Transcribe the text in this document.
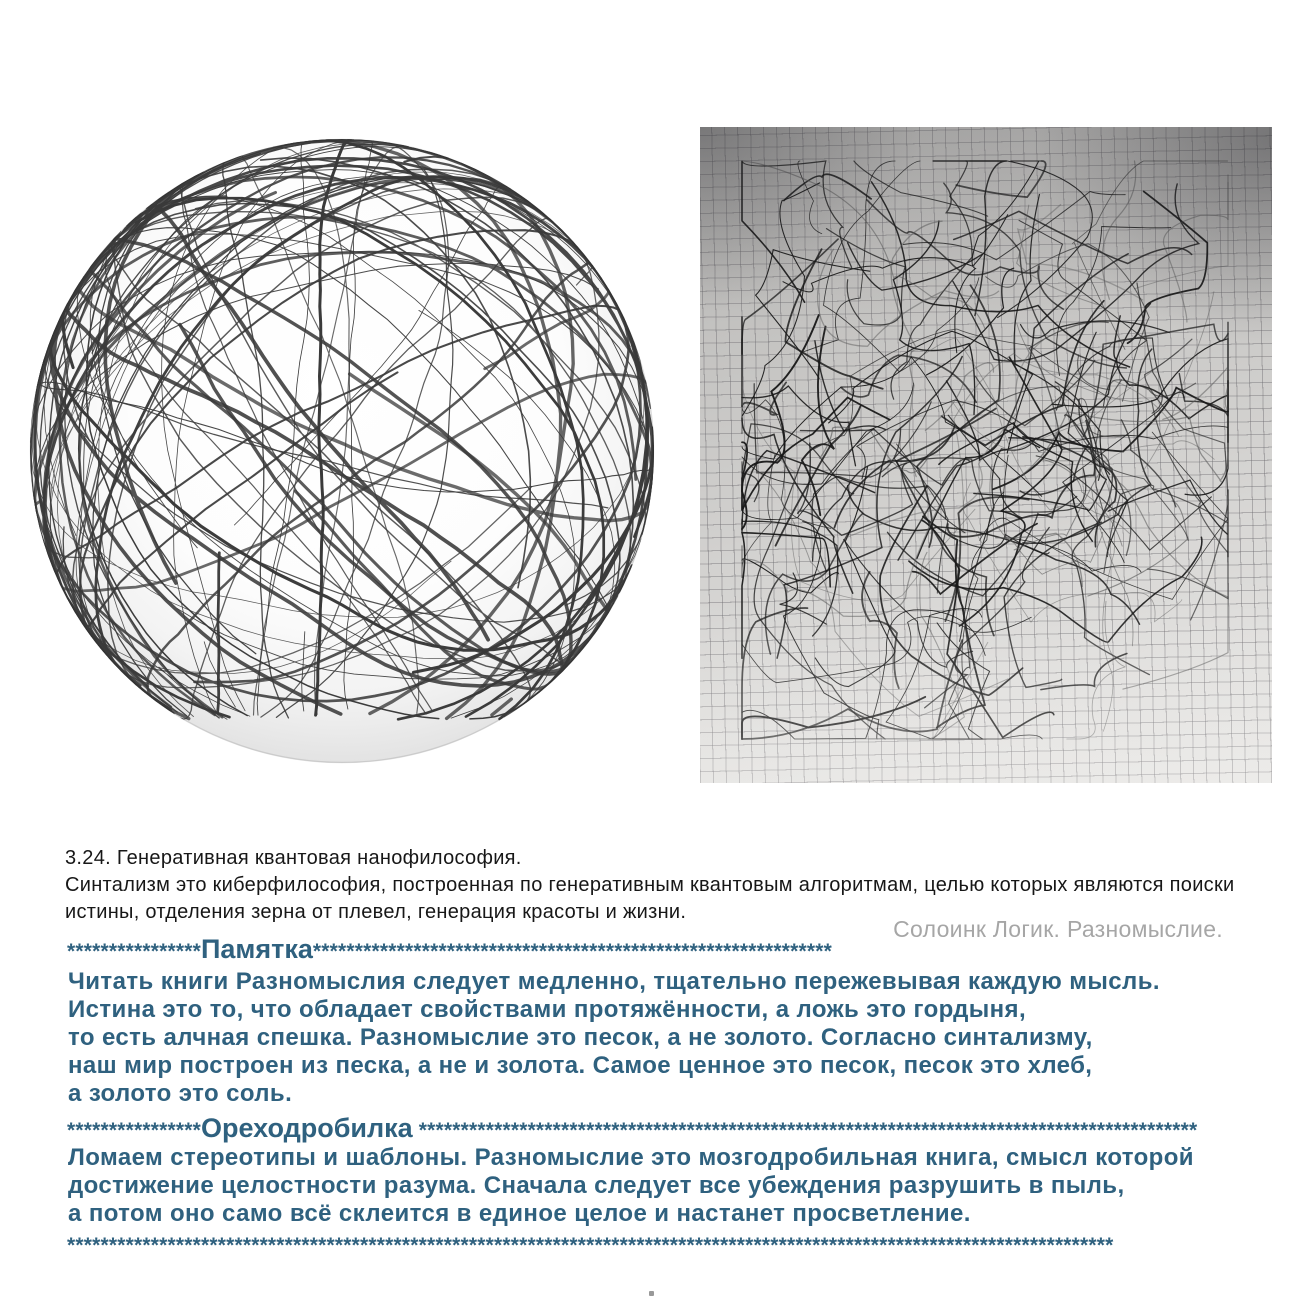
3.24. Генеративная квантовая нанофилософия.
Синтализм это киберфилософия, построенная по генеративным квантовым алгоритмам, целью которых являются поиски
истины, отделения зерна от плевел, генерация красоты и жизни.
Солоинк Логик. Разномыслие.
****************Памятка**************************************************************
Читать книги Разномыслия следует медленно, тщательно пережевывая каждую мысль.
Истина это то, что обладает свойствами протяжённости, а ложь это гордыня,
то есть алчная спешка. Разномыслие это песок, а не золото. Согласно синтализму,
наш мир построен из песка, а не и золота. Самое ценное это песок, песок это хлеб,
а золото это соль.
****************Ореходробилка *********************************************************************************************
Ломаем стереотипы и шаблоны. Разномыслие это мозгодробильная книга, смысл которой
достижение целостности разума. Сначала следует все убеждения разрушить в пыль,
а потом оно само всё склеится в единое целое и настанет просветление.
*****************************************************************************************************************************
